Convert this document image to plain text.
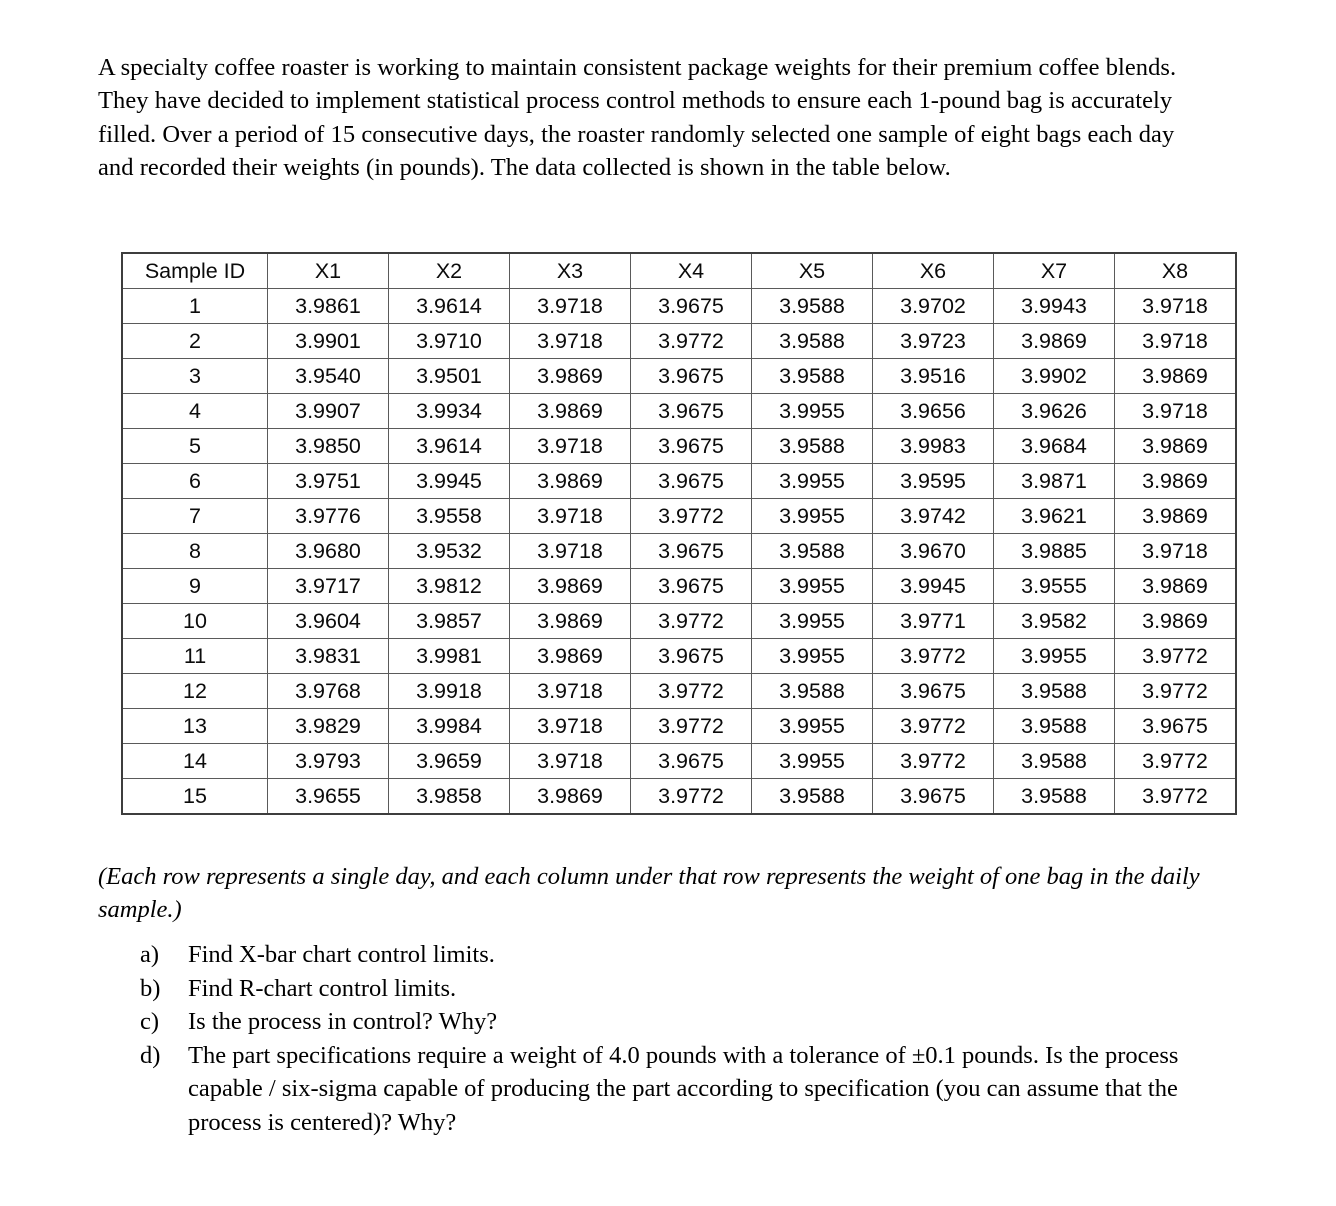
A specialty coffee roaster is working to maintain consistent package weights for their premium coffee blends. They have decided to implement statistical process control methods to ensure each 1-pound bag is accurately filled. Over a period of 15 consecutive days, the roaster randomly selected one sample of eight bags each day and recorded their weights (in pounds). The data collected is shown in the table below.

Sample ID	X1	X2	X3	X4	X5	X6	X7	X8
1	3.9861	3.9614	3.9718	3.9675	3.9588	3.9702	3.9943	3.9718
2	3.9901	3.9710	3.9718	3.9772	3.9588	3.9723	3.9869	3.9718
3	3.9540	3.9501	3.9869	3.9675	3.9588	3.9516	3.9902	3.9869
4	3.9907	3.9934	3.9869	3.9675	3.9955	3.9656	3.9626	3.9718
5	3.9850	3.9614	3.9718	3.9675	3.9588	3.9983	3.9684	3.9869
6	3.9751	3.9945	3.9869	3.9675	3.9955	3.9595	3.9871	3.9869
7	3.9776	3.9558	3.9718	3.9772	3.9955	3.9742	3.9621	3.9869
8	3.9680	3.9532	3.9718	3.9675	3.9588	3.9670	3.9885	3.9718
9	3.9717	3.9812	3.9869	3.9675	3.9955	3.9945	3.9555	3.9869
10	3.9604	3.9857	3.9869	3.9772	3.9955	3.9771	3.9582	3.9869
11	3.9831	3.9981	3.9869	3.9675	3.9955	3.9772	3.9955	3.9772
12	3.9768	3.9918	3.9718	3.9772	3.9588	3.9675	3.9588	3.9772
13	3.9829	3.9984	3.9718	3.9772	3.9955	3.9772	3.9588	3.9675
14	3.9793	3.9659	3.9718	3.9675	3.9955	3.9772	3.9588	3.9772
15	3.9655	3.9858	3.9869	3.9772	3.9588	3.9675	3.9588	3.9772

(Each row represents a single day, and each column under that row represents the weight of one bag in the daily sample.)

a)	Find X-bar chart control limits.
b)	Find R-chart control limits.
c)	Is the process in control? Why?
d)	The part specifications require a weight of 4.0 pounds with a tolerance of ±0.1 pounds. Is the process capable / six-sigma capable of producing the part according to specification (you can assume that the process is centered)? Why?
